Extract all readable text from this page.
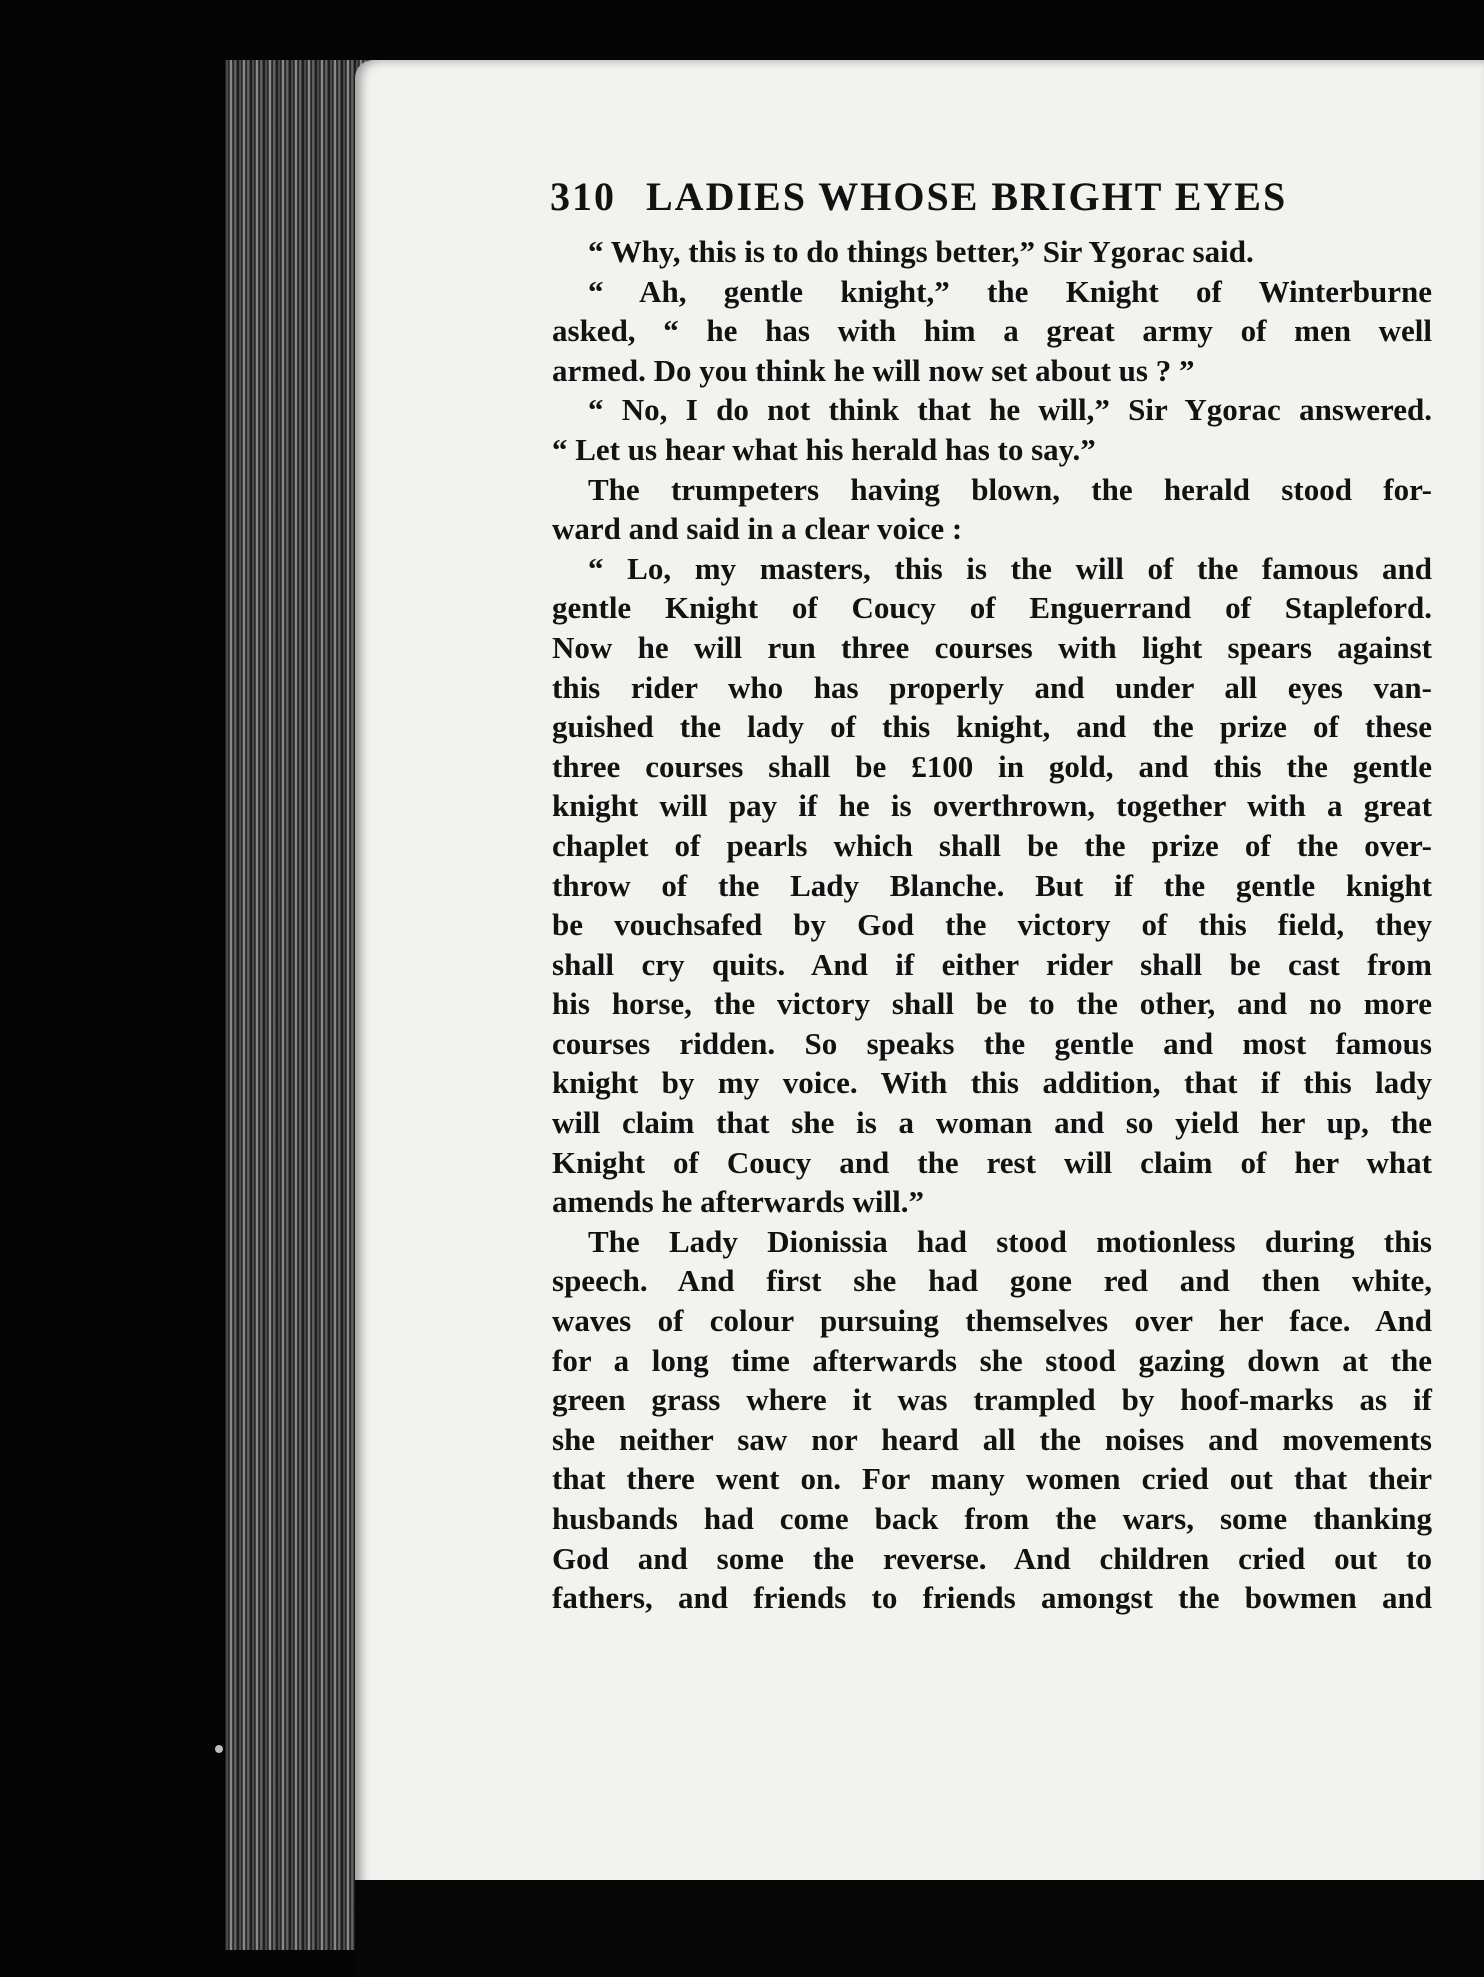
310 LADIES WHOSE BRIGHT EYES
“ Why, this is to do things better,” Sir Ygorac said.
“ Ah, gentle knight,” the Knight of Winterburne
asked, “ he has with him a great army of men well
armed. Do you think he will now set about us ? ”
“ No, I do not think that he will,” Sir Ygorac answered.
“ Let us hear what his herald has to say.”
The trumpeters having blown, the herald stood for-
ward and said in a clear voice :
“ Lo, my masters, this is the will of the famous and
gentle Knight of Coucy of Enguerrand of Stapleford.
Now he will run three courses with light spears against
this rider who has properly and under all eyes van-
guished the lady of this knight, and the prize of these
three courses shall be £100 in gold, and this the gentle
knight will pay if he is overthrown, together with a great
chaplet of pearls which shall be the prize of the over-
throw of the Lady Blanche. But if the gentle knight
be vouchsafed by God the victory of this field, they
shall cry quits. And if either rider shall be cast from
his horse, the victory shall be to the other, and no more
courses ridden. So speaks the gentle and most famous
knight by my voice. With this addition, that if this lady
will claim that she is a woman and so yield her up, the
Knight of Coucy and the rest will claim of her what
amends he afterwards will.”
The Lady Dionissia had stood motionless during this
speech. And first she had gone red and then white,
waves of colour pursuing themselves over her face. And
for a long time afterwards she stood gazing down at the
green grass where it was trampled by hoof-marks as if
she neither saw nor heard all the noises and movements
that there went on. For many women cried out that their
husbands had come back from the wars, some thanking
God and some the reverse. And children cried out to
fathers, and friends to friends amongst the bowmen and
